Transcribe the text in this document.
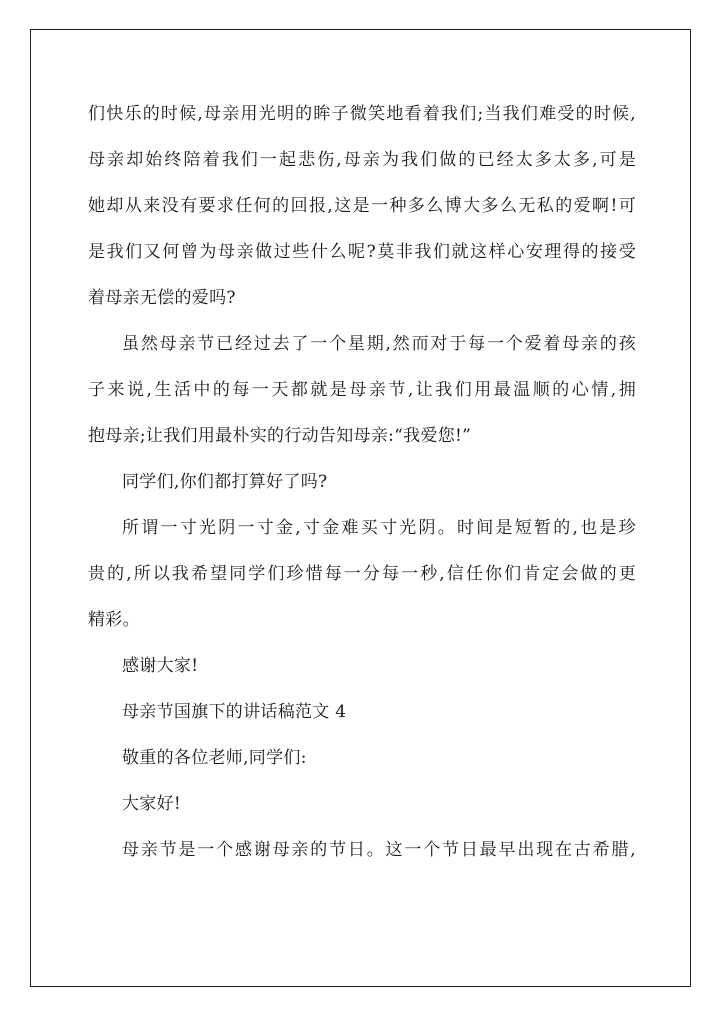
们快乐的时候,母亲用光明的眸子微笑地看着我们;当我们难受的时候,
母亲却始终陪着我们一起悲伤,母亲为我们做的已经太多太多,可是
她却从来没有要求任何的回报,这是一种多么博大多么无私的爱啊!可
是我们又何曾为母亲做过些什么呢?莫非我们就这样心安理得的接受
着母亲无偿的爱吗?
虽然母亲节已经过去了一个星期,然而对于每一个爱着母亲的孩
子来说,生活中的每一天都就是母亲节,让我们用最温顺的心情,拥
抱母亲;让我们用最朴实的行动告知母亲:“我爱您!”
同学们,你们都打算好了吗?
所谓一寸光阴一寸金,寸金难买寸光阴。时间是短暂的,也是珍
贵的,所以我希望同学们珍惜每一分每一秒,信任你们肯定会做的更
精彩。
感谢大家!
母亲节国旗下的讲话稿范文 4
敬重的各位老师,同学们:
大家好!
母亲节是一个感谢母亲的节日。这一个节日最早出现在古希腊,
